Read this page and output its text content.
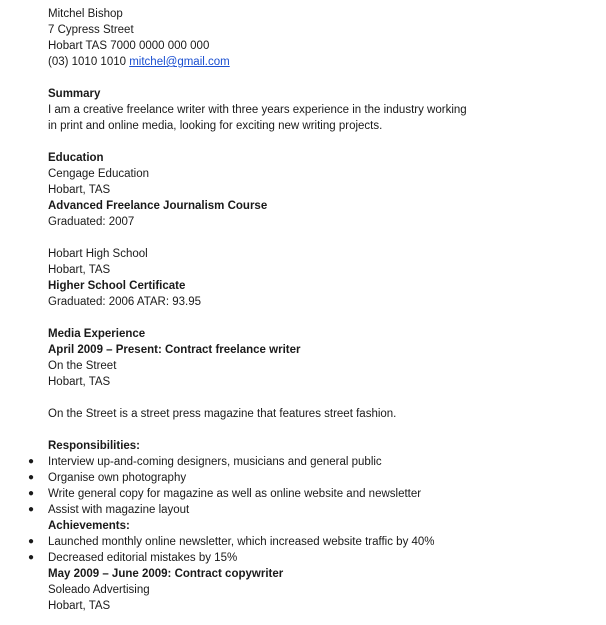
Mitchel Bishop
7 Cypress Street
Hobart TAS 7000 0000 000 000
(03) 1010 1010 mitchel@gmail.com
Summary
I am a creative freelance writer with three years experience in the industry working
in print and online media, looking for exciting new writing projects.
Education
Cengage Education
Hobart, TAS
Advanced Freelance Journalism Course
Graduated: 2007
Hobart High School
Hobart, TAS
Higher School Certificate
Graduated: 2006 ATAR: 93.95
Media Experience
April 2009 – Present: Contract freelance writer
On the Street
Hobart, TAS
On the Street is a street press magazine that features street fashion.
Responsibilities:
● Interview up-and-coming designers, musicians and general public
● Organise own photography
● Write general copy for magazine as well as online website and newsletter
● Assist with magazine layout
Achievements:
● Launched monthly online newsletter, which increased website traffic by 40%
● Decreased editorial mistakes by 15%
May 2009 – June 2009: Contract copywriter
Soleado Advertising
Hobart, TAS
